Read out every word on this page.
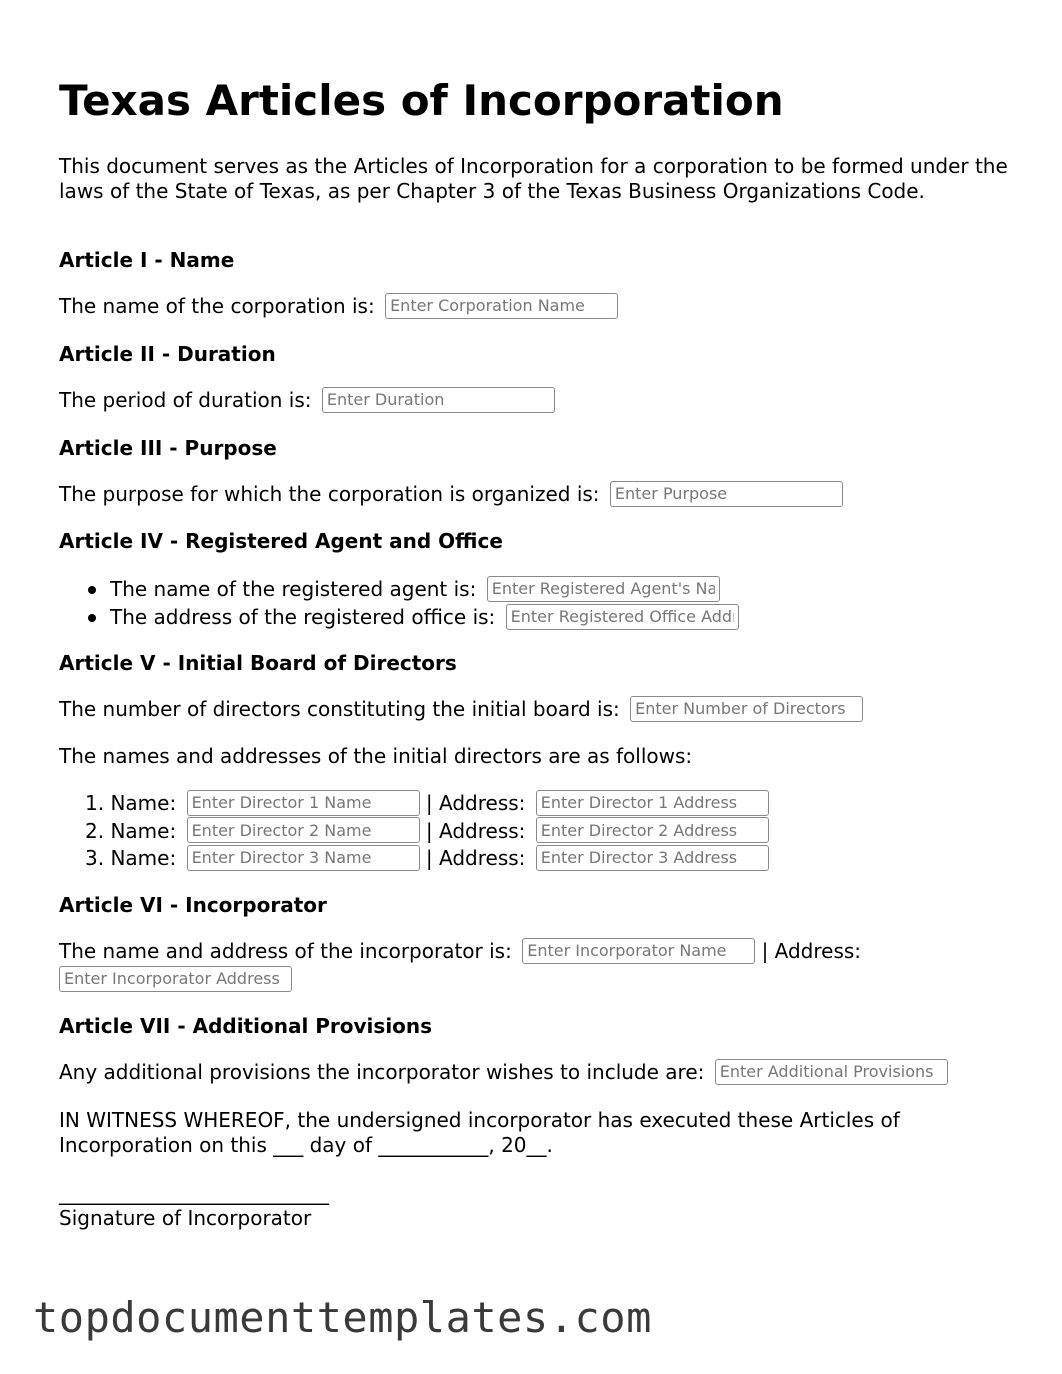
Texas Articles of Incorporation
This document serves as the Articles of Incorporation for a corporation to be formed under the laws of the State of Texas, as per Chapter 3 of the Texas Business Organizations Code.
Article I - Name
The name of the corporation is: Enter Corporation Name
Article II - Duration
The period of duration is: Enter Duration
Article III - Purpose
The purpose for which the corporation is organized is: Enter Purpose
Article IV - Registered Agent and Office
The name of the registered agent is: Enter Registered Agent's Name
The address of the registered office is: Enter Registered Office Address
Article V - Initial Board of Directors
The number of directors constituting the initial board is: Enter Number of Directors
The names and addresses of the initial directors are as follows:
1. Name: Enter Director 1 Name	| Address: Enter Director 1 Address
2. Name: Enter Director 2 Name	| Address: Enter Director 2 Address
3. Name: Enter Director 3 Name	| Address: Enter Director 3 Address
Article VI - Incorporator
The name and address of the incorporator is: Enter Incorporator Name	| Address:
Enter Incorporator Address
Article VII - Additional Provisions
Any additional provisions the incorporator wishes to include are: Enter Additional Provisions
IN WITNESS WHEREOF, the undersigned incorporator has executed these Articles of Incorporation on this ___ day of ___________, 20__.
___________________________
Signature of Incorporator
topdocumenttemplates.com
